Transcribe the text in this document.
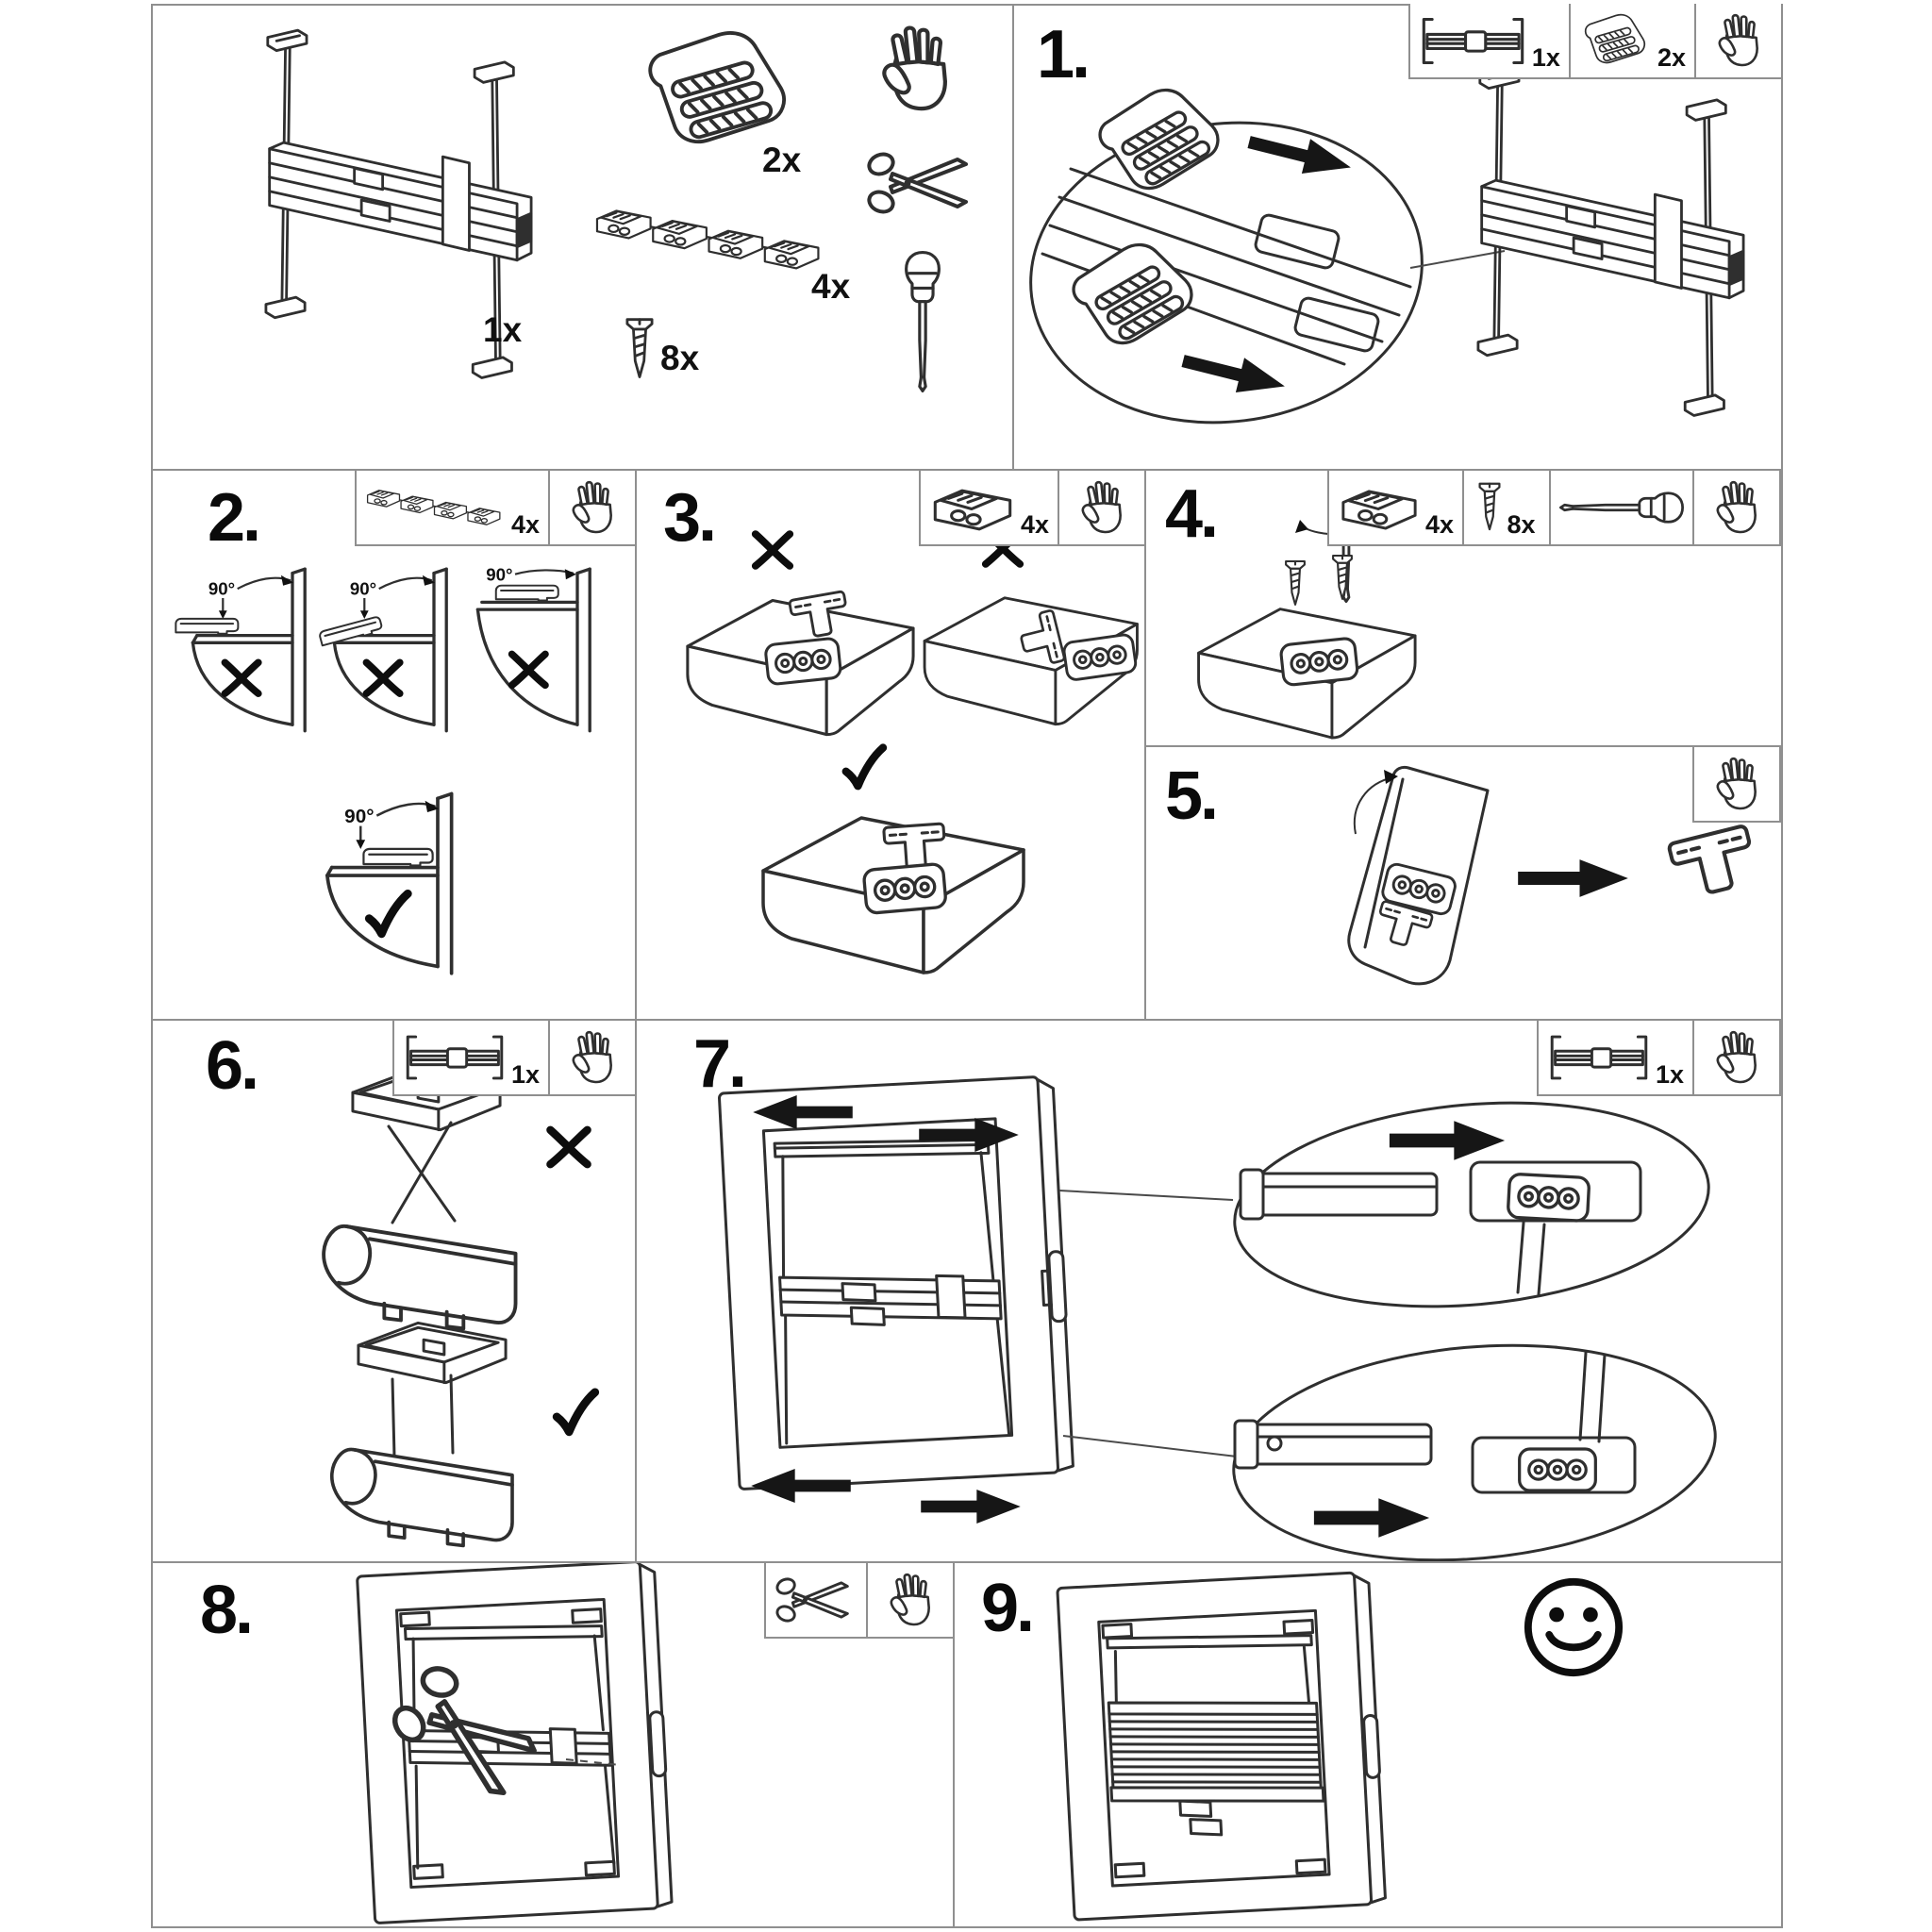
1x
2x
4x
8x
1.	1x	2x
2.	4x
90°	90°
90°
90°
3.	4x 4.	4x 8x
5.
6.	1x 7.	1x
8.	9.
